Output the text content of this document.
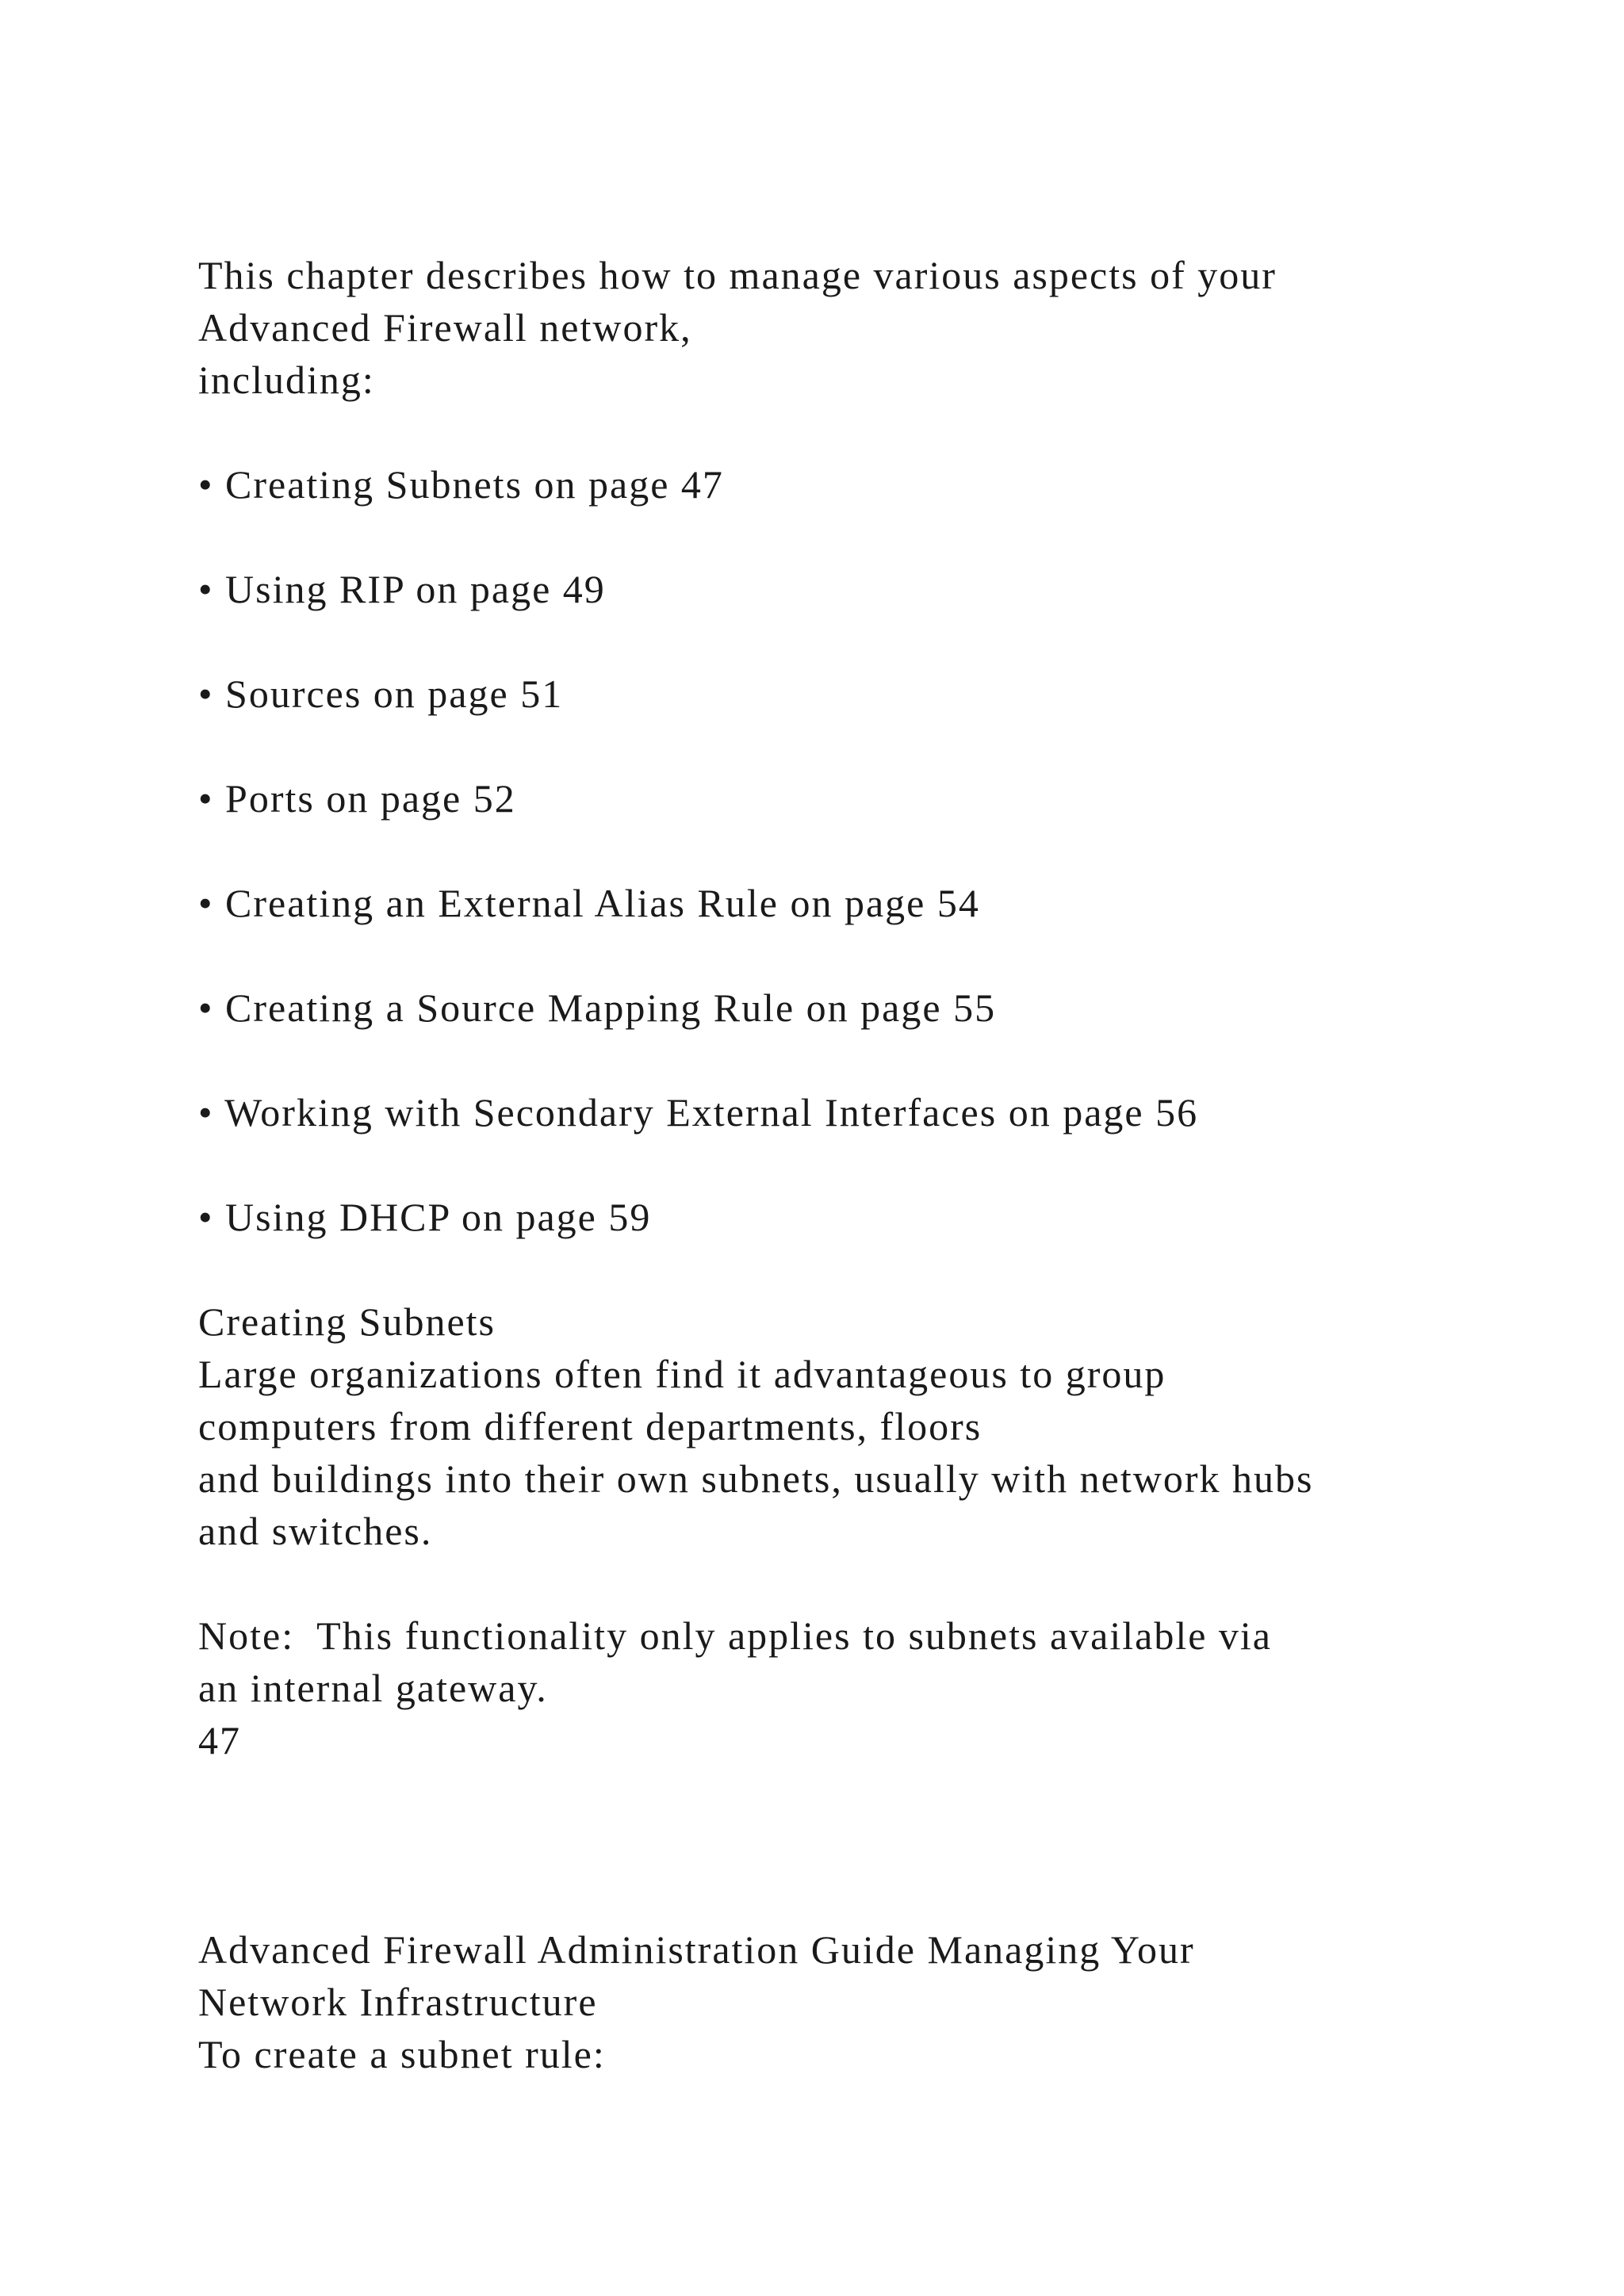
This chapter describes how to manage various aspects of your

Advanced Firewall network,

including:

• Creating Subnets on page 47

• Using RIP on page 49

• Sources on page 51

• Ports on page 52

• Creating an External Alias Rule on page 54

• Creating a Source Mapping Rule on page 55

• Working with Secondary External Interfaces on page 56

• Using DHCP on page 59

Creating Subnets

Large organizations often find it advantageous to group

computers from different departments, floors

and buildings into their own subnets, usually with network hubs

and switches.

Note:  This functionality only applies to subnets available via

an internal gateway.

47

Advanced Firewall Administration Guide Managing Your

Network Infrastructure

To create a subnet rule:
